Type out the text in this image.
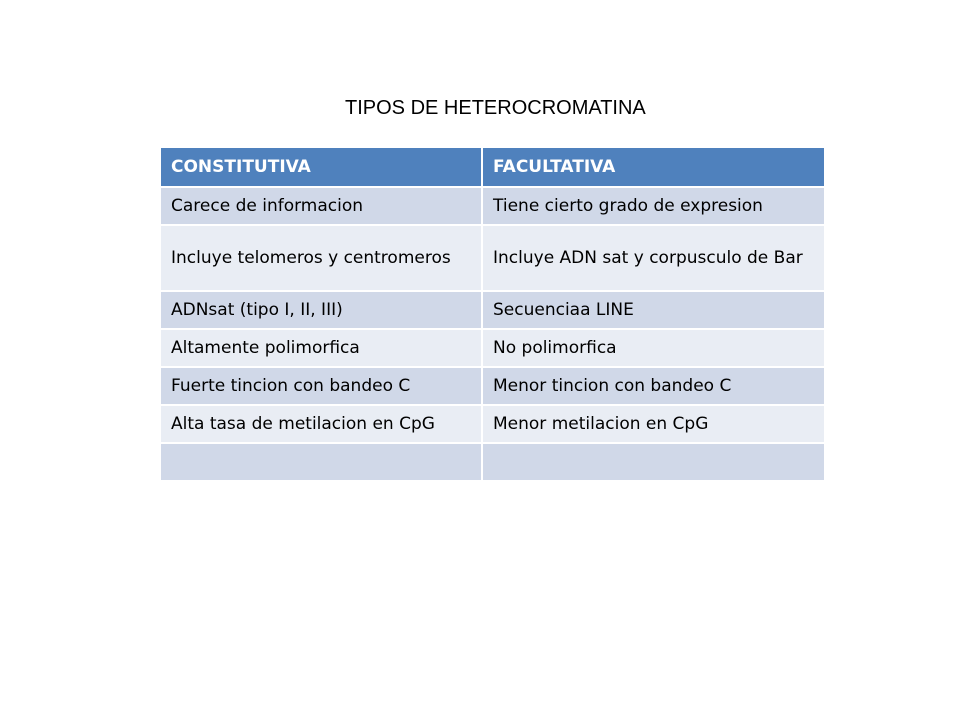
TIPOS DE HETEROCROMATINA
CONSTITUTIVA	FACULTATIVA
Carece de informacion	Tiene cierto grado de expresion
Incluye telomeros y centromeros	Incluye ADN sat y corpusculo de Bar
ADNsat (tipo I, II, III)	Secuenciaa LINE
Altamente polimorfica	No polimorfica
Fuerte tincion con bandeo C	Menor tincion con bandeo C
Alta tasa de metilacion en CpG	Menor metilacion en CpG
